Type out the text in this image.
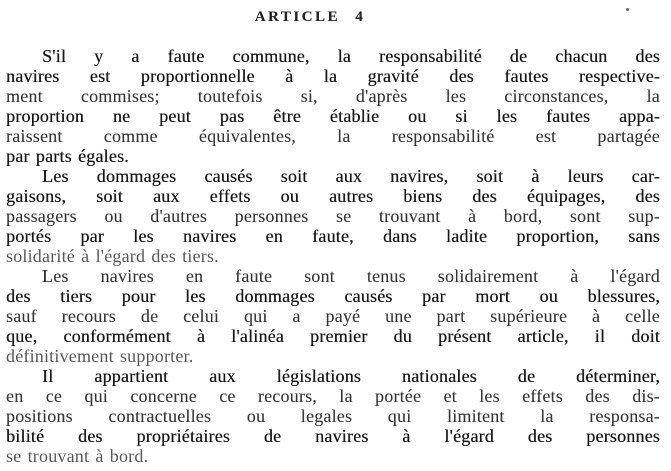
ARTICLE 4
S'il y a faute commune, la responsabilité de chacun des
navires est proportionnelle à la gravité des fautes respective-
ment commises; toutefois si, d'après les circonstances, la
proportion ne peut pas être établie ou si les fautes appa-
raissent comme équivalentes, la responsabilité est partagée
par parts égales.
Les dommages causés soit aux navires, soit à leurs car-
gaisons, soit aux effets ou autres biens des équipages, des
passagers ou d'autres personnes se trouvant à bord, sont sup-
portés par les navires en faute, dans ladite proportion, sans
solidarité à l'égard des tiers.
Les navires en faute sont tenus solidairement à l'égard
des tiers pour les dommages causés par mort ou blessures,
sauf recours de celui qui a payé une part supérieure à celle
que, conformément à l'alinéa premier du présent article, il doit
définitivement supporter.
Il appartient aux législations nationales de déterminer,
en ce qui concerne ce recours, la portée et les effets des dis-
positions contractuelles ou legales qui limitent la responsa-
bilité des propriétaires de navires à l'égard des personnes
se trouvant à bord.
